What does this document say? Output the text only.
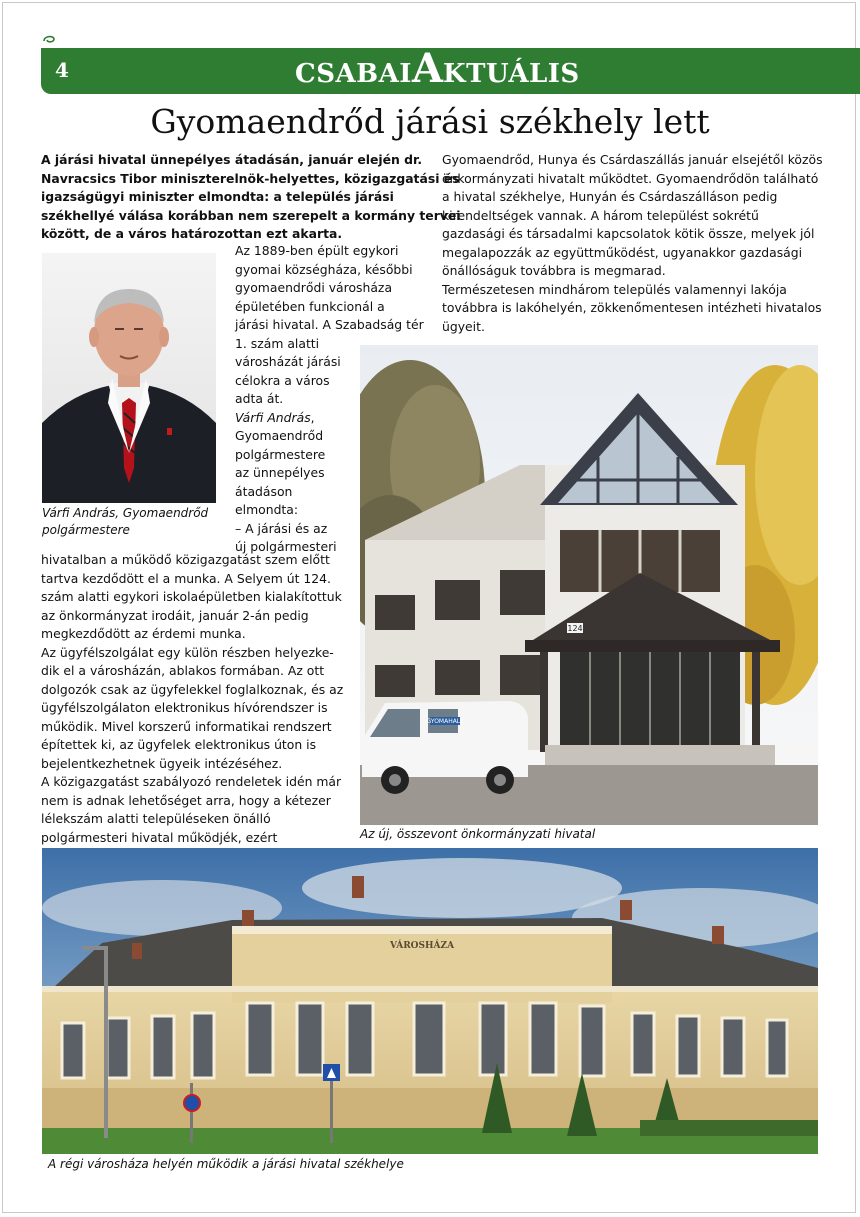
4	CSABAIAKTUÁLIS
Gyomaendrőd járási székhely lett
A járási hivatal ünnepélyes átadásán, január elején dr.
Navracsics Tibor miniszterelnök-helyettes, közigazgatási és
igazságügyi miniszter elmondta: a település járási
székhellyé válása korábban nem szerepelt a kormány tervei
között, de a város határozottan ezt akarta.
Várfi András, Gyomaendrőd
polgármestere
Az 1889-ben épült egykori
gyomai községháza, későbbi
gyomaendrődi városháza
épületében funkcionál a
járási hivatal. A Szabadság tér
1. szám alatti
városházát járási
célokra a város
adta át.
Várfi András,
Gyomaendrőd
polgármestere
az ünnepélyes
átadáson
elmondta:
– A járási és az
új polgármesteri
hivatalban a működő közigazgatást szem előtt
tartva kezdődött el a munka. A Selyem út 124.
szám alatti egykori iskolaépületben kialakítottuk
az önkormányzat irodáit, január 2-án pedig
megkezdődött az érdemi munka.
Az ügyfélszolgálat egy külön részben helyezke-
dik el a városházán, ablakos formában. Az ott
dolgozók csak az ügyfelekkel foglalkoznak, és az
ügyfélszolgálaton elektronikus hívórendszer is
működik. Mivel korszerű informatikai rendszert
építettek ki, az ügyfelek elektronikus úton is
bejelentkezhetnek ügyeik intézéséhez.
A közigazgatást szabályozó rendeletek idén már
nem is adnak lehetőséget arra, hogy a kétezer
lélekszám alatti településeken önálló
polgármesteri hivatal működjék, ezért
Gyomaendrőd, Hunya és Csárdaszállás január elsejétől közös
önkormányzati hivatalt működtet. Gyomaendrődön található
a hivatal székhelye, Hunyán és Csárdaszálláson pedig
kirendeltségek vannak. A három települést sokrétű
gazdasági és társadalmi kapcsolatok kötik össze, melyek jól
megalapozzák az együttműködést, ugyanakkor gazdasági
önállóságuk továbbra is megmarad.
Természetesen mindhárom település valamennyi lakója
továbbra is lakóhelyén, zökkenőmentesen intézheti hivatalos
ügyeit.
124
GYOMAHALL
Az új, összevont önkormányzati hivatal
VÁROSHÁZA
A régi városháza helyén működik a járási hivatal székhelye
